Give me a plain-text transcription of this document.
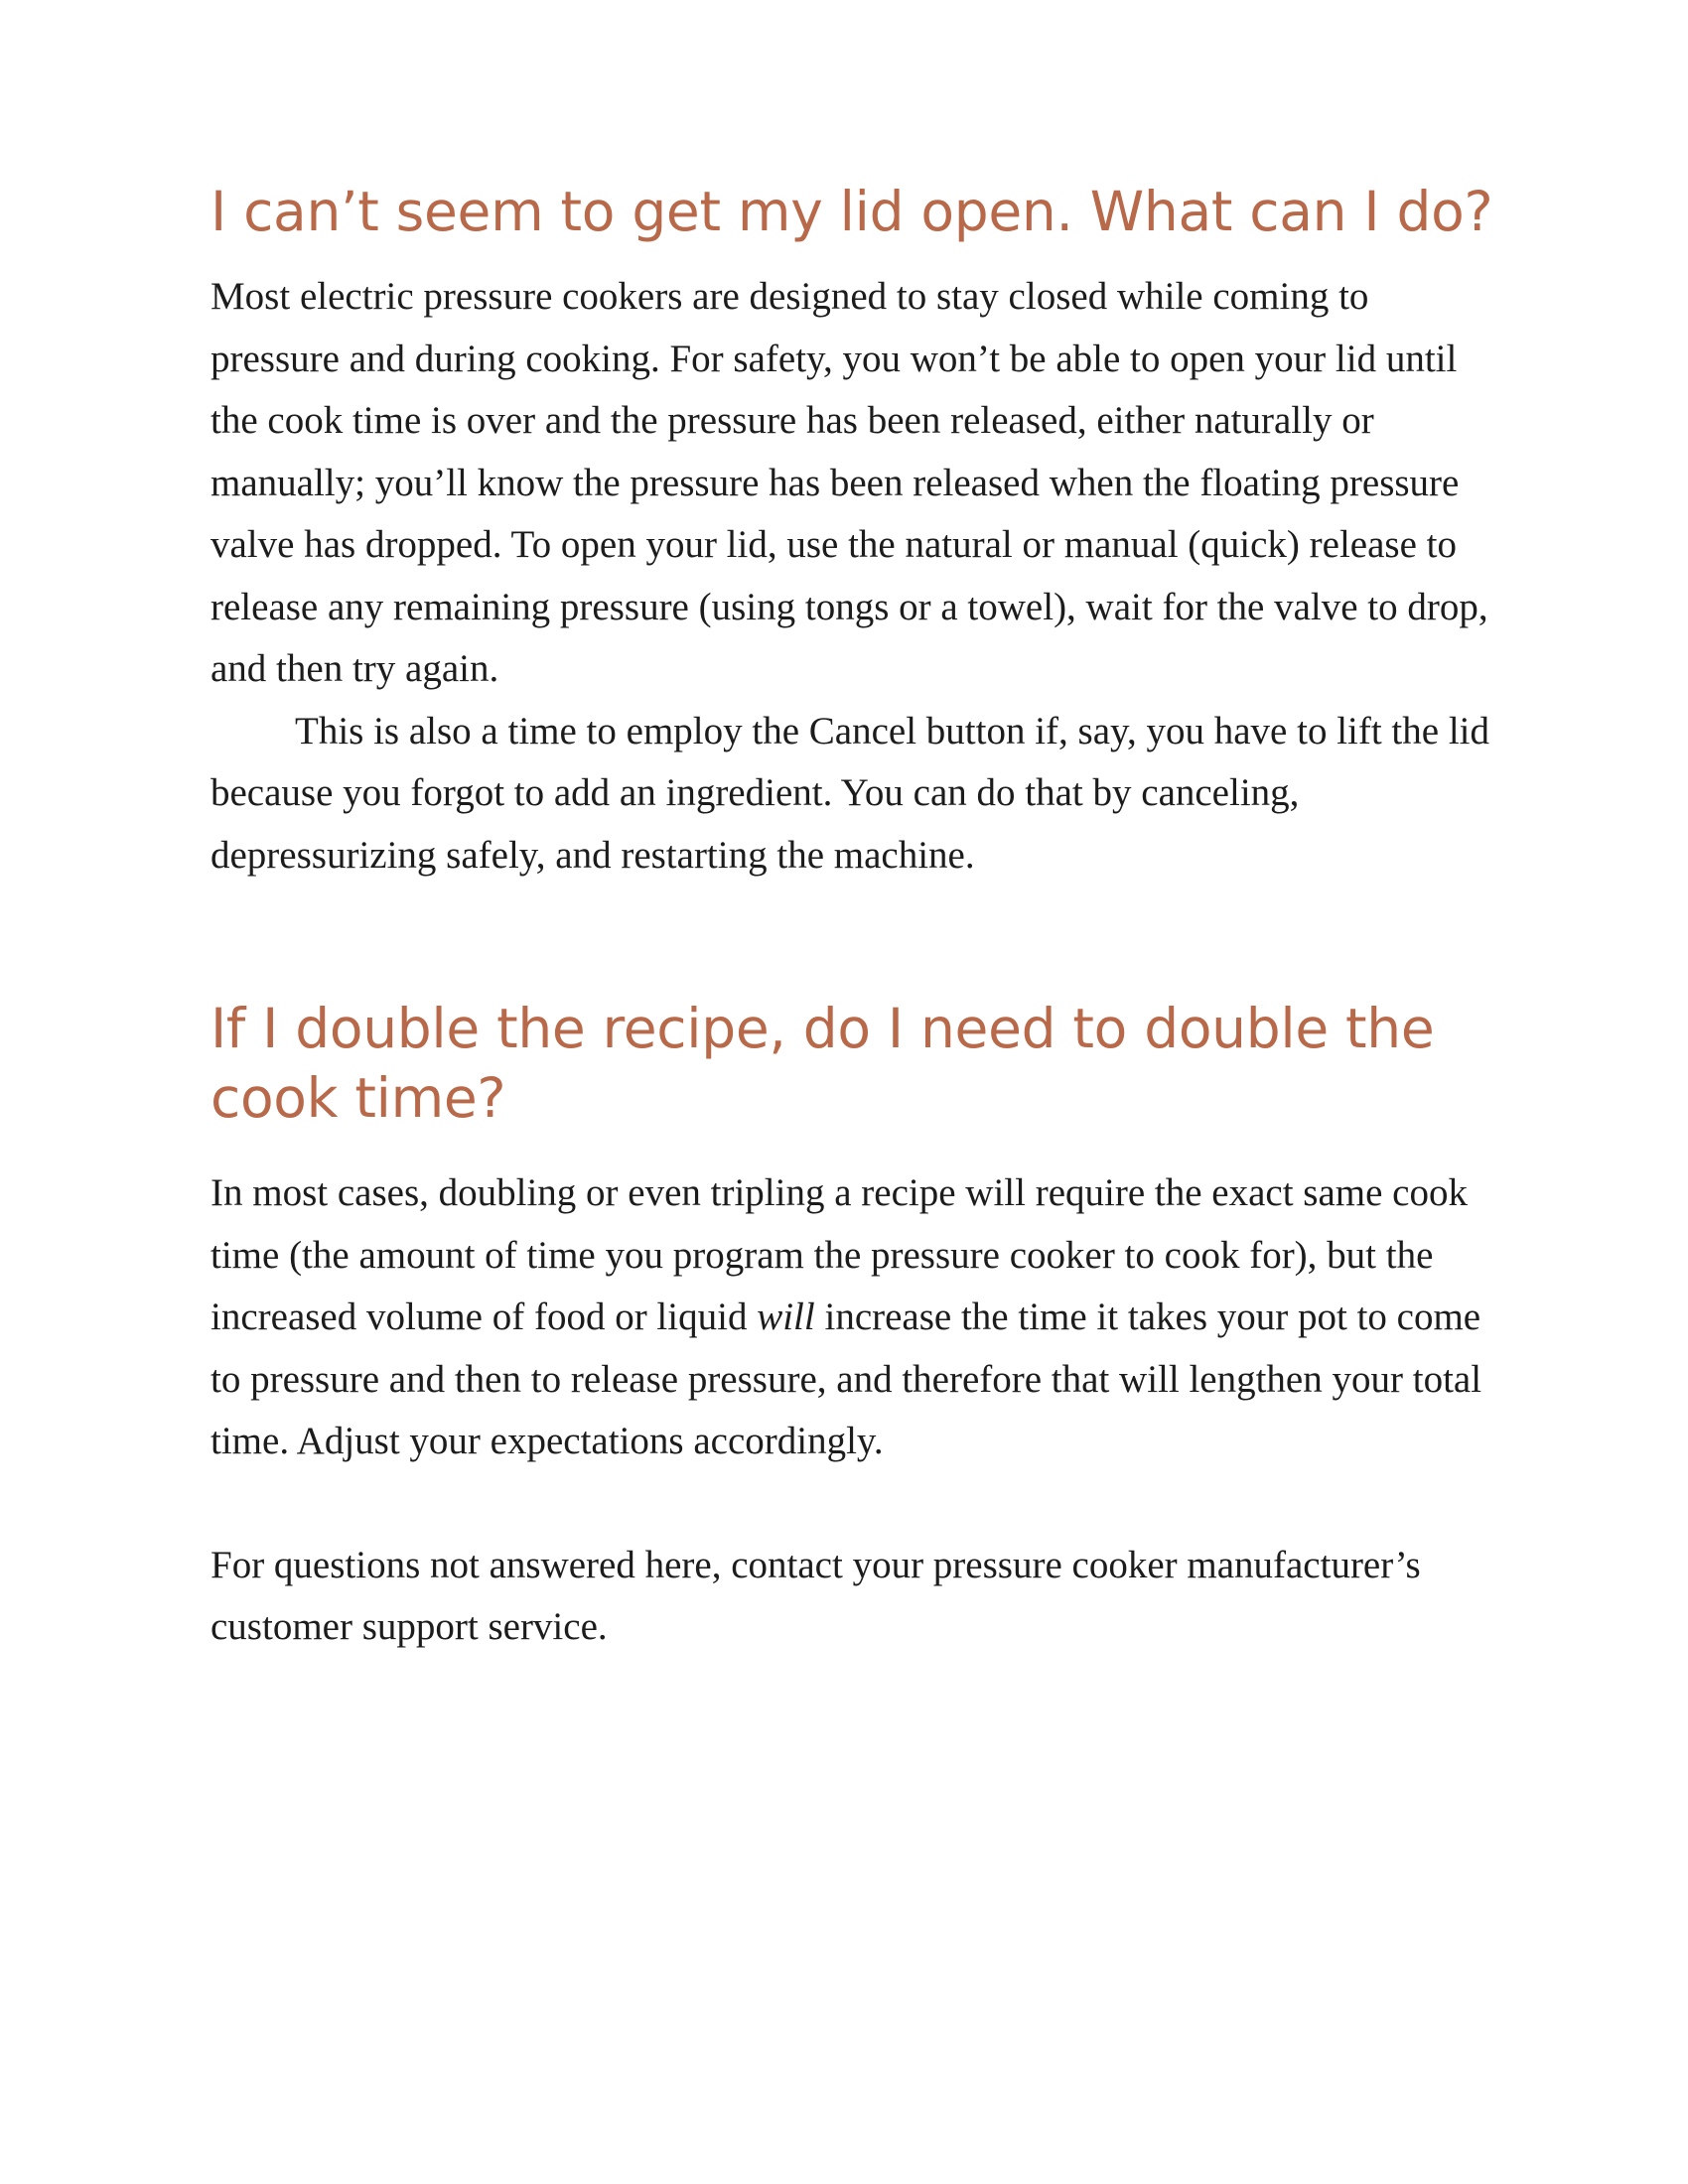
I can’t seem to get my lid open. What can I do?

Most electric pressure cookers are designed to stay closed while coming to pressure and during cooking. For safety, you won’t be able to open your lid until the cook time is over and the pressure has been released, either naturally or manually; you’ll know the pressure has been released when the floating pressure valve has dropped. To open your lid, use the natural or manual (quick) release to release any remaining pressure (using tongs or a towel), wait for the valve to drop, and then try again.

This is also a time to employ the Cancel button if, say, you have to lift the lid because you forgot to add an ingredient. You can do that by canceling, depressurizing safely, and restarting the machine.

If I double the recipe, do I need to double the
cook time?

In most cases, doubling or even tripling a recipe will require the exact same cook time (the amount of time you program the pressure cooker to cook for), but the increased volume of food or liquid will increase the time it takes your pot to come to pressure and then to release pressure, and therefore that will lengthen your total time. Adjust your expectations accordingly.

For questions not answered here, contact your pressure cooker manufacturer’s customer support service.
